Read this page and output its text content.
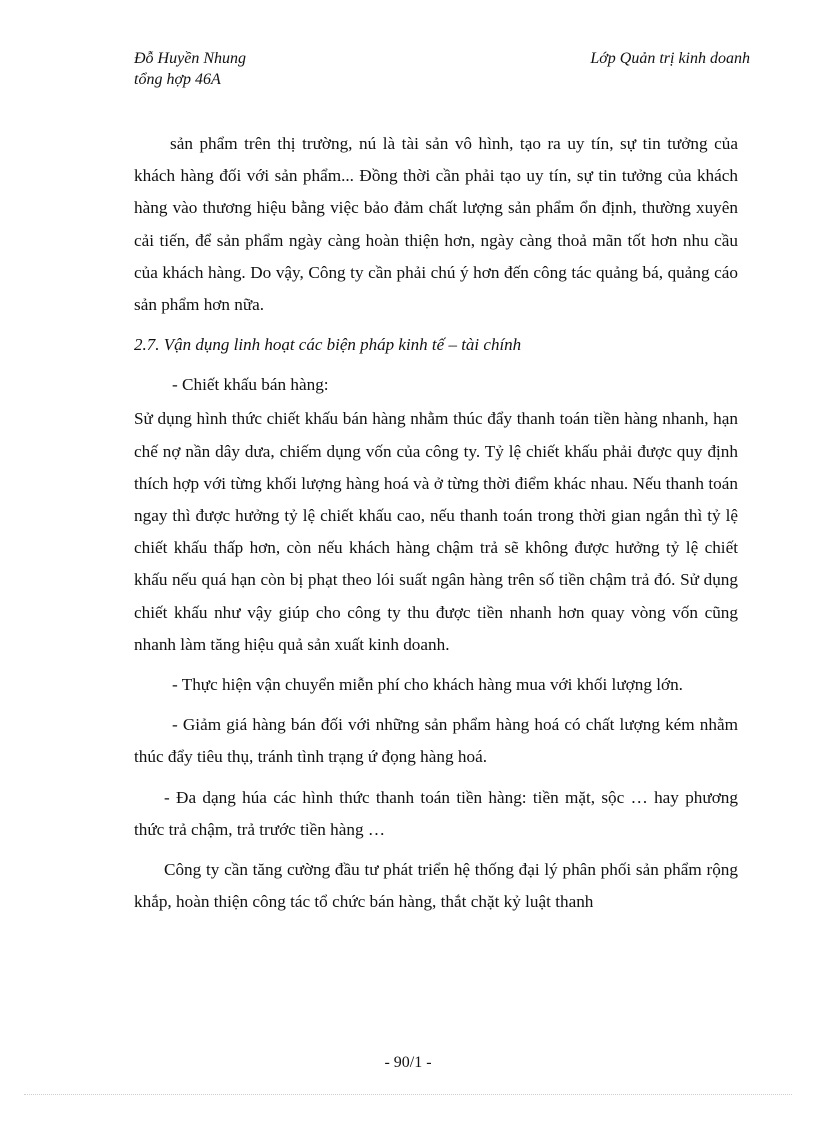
Đỗ Huyền Nhung
tổng hợp 46A
Lớp Quản trị kinh doanh

sản phẩm trên thị trường, nú là tài sản vô hình, tạo ra uy tín, sự tin tưởng của khách hàng đối với sản phẩm... Đồng thời cần phải tạo uy tín, sự tin tưởng của khách hàng vào thương hiệu bằng việc bảo đảm chất lượng sản phẩm ổn định, thường xuyên cải tiến, để sản phẩm ngày càng hoàn thiện hơn, ngày càng thoả mãn tốt hơn nhu cầu của khách hàng. Do vậy, Công ty cần phải chú ý hơn đến công tác quảng bá, quảng cáo sản phẩm hơn nữa.

2.7. Vận dụng linh hoạt các biện pháp kinh tế – tài chính

- Chiết khấu bán hàng:

Sử dụng hình thức chiết khấu bán hàng nhằm thúc đẩy thanh toán tiền hàng nhanh, hạn chế nợ nần dây dưa, chiếm dụng vốn của công ty. Tỷ lệ chiết khấu phải được quy định thích hợp với từng khối lượng hàng hoá và ở từng thời điểm khác nhau. Nếu thanh toán ngay thì được hưởng tỷ lệ chiết khấu cao, nếu thanh toán trong thời gian ngắn thì tỷ lệ chiết khấu thấp hơn, còn nếu khách hàng chậm trả sẽ không được hưởng tỷ lệ chiết khấu nếu quá hạn còn bị phạt theo lói suất ngân hàng trên số tiền chậm trả đó. Sử dụng chiết khấu như vậy giúp cho công ty thu được tiền nhanh hơn quay vòng vốn cũng nhanh làm tăng hiệu quả sản xuất kinh doanh.

- Thực hiện vận chuyển miễn phí cho khách hàng mua với khối lượng lớn.

- Giảm giá hàng bán đối với những sản phẩm hàng hoá có chất lượng kém nhằm thúc đẩy tiêu thụ, tránh tình trạng ứ đọng hàng hoá.

- Đa dạng húa các hình thức thanh toán tiền hàng: tiền mặt, sộc … hay phương thức trả chậm, trả trước tiền hàng …

Công ty cần tăng cường đầu tư phát triển hệ thống đại lý phân phối sản phẩm rộng khắp, hoàn thiện công tác tổ chức bán hàng, thắt chặt kỷ luật thanh

- 90/1 -
